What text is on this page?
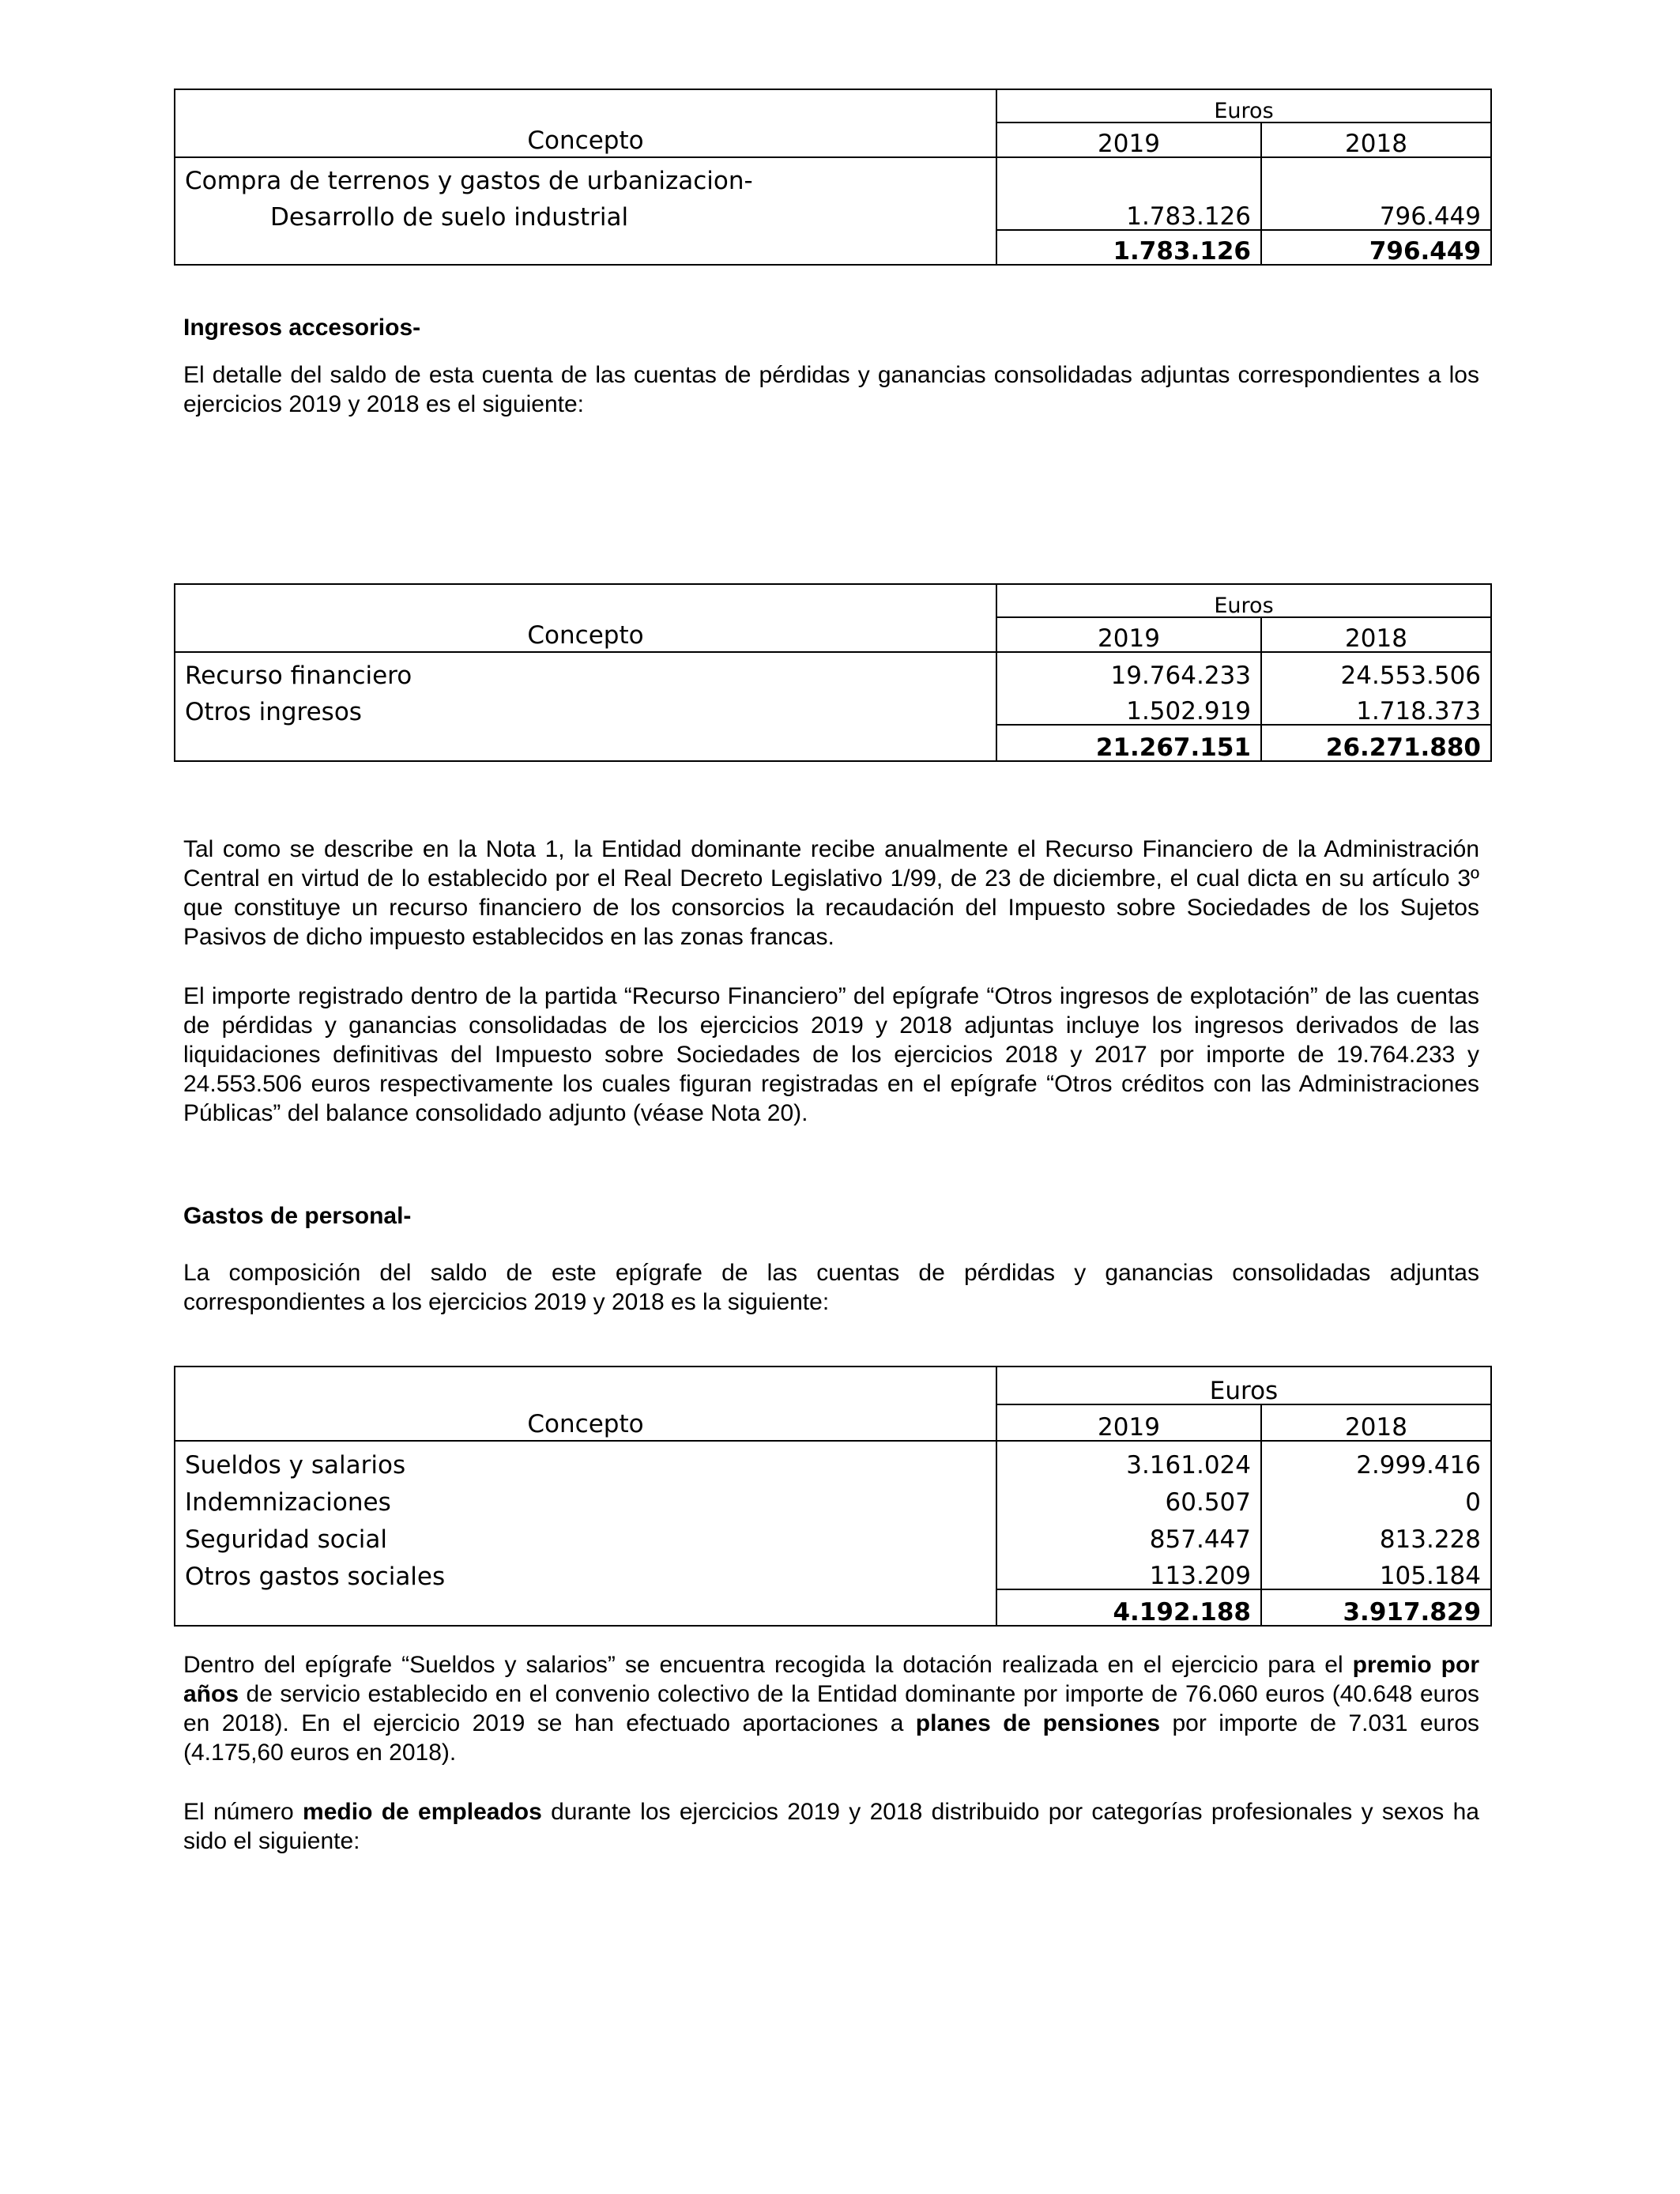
Concepto	Euros	
	2019	2018
Compra de terrenos y gastos de urbanizacion-		
Desarrollo de suelo industrial	1.783.126	796.449
	1.783.126	796.449

Ingresos accesorios-

El detalle del saldo de esta cuenta de las cuentas de pérdidas y ganancias consolidadas adjuntas correspondientes a los ejercicios 2019 y 2018 es el siguiente:

Concepto	Euros	
	2019	2018
Recurso financiero	19.764.233	24.553.506
Otros ingresos	1.502.919	1.718.373
	21.267.151	26.271.880

Tal como se describe en la Nota 1, la Entidad dominante recibe anualmente el Recurso Financiero de la Administración Central en virtud de lo establecido por el Real Decreto Legislativo 1/99, de 23 de diciembre, el cual dicta en su artículo 3º que constituye un recurso financiero de los consorcios la recaudación del Impuesto sobre Sociedades de los Sujetos Pasivos de dicho impuesto establecidos en las zonas francas.

El importe registrado dentro de la partida “Recurso Financiero” del epígrafe “Otros ingresos de explotación” de las cuentas de pérdidas y ganancias consolidadas de los ejercicios 2019 y 2018 adjuntas incluye los ingresos derivados de las liquidaciones definitivas del Impuesto sobre Sociedades de los ejercicios 2018 y 2017 por importe de 19.764.233 y 24.553.506 euros respectivamente los cuales figuran registradas en el epígrafe “Otros créditos con las Administraciones Públicas” del balance consolidado adjunto (véase Nota 20).

Gastos de personal-

La composición del saldo de este epígrafe de las cuentas de pérdidas y ganancias consolidadas adjuntas correspondientes a los ejercicios 2019 y 2018 es la siguiente:

Concepto	Euros	
	2019	2018
Sueldos y salarios	3.161.024	2.999.416
Indemnizaciones	60.507	0
Seguridad social	857.447	813.228
Otros gastos sociales	113.209	105.184
	4.192.188	3.917.829

Dentro del epígrafe “Sueldos y salarios” se encuentra recogida la dotación realizada en el ejercicio para el premio por años de servicio establecido en el convenio colectivo de la Entidad dominante por importe de 76.060 euros (40.648 euros en 2018). En el ejercicio 2019 se han efectuado aportaciones a planes de pensiones por importe de 7.031 euros (4.175,60 euros en 2018).

El número medio de empleados durante los ejercicios 2019 y 2018 distribuido por categorías profesionales y sexos ha sido el siguiente:
